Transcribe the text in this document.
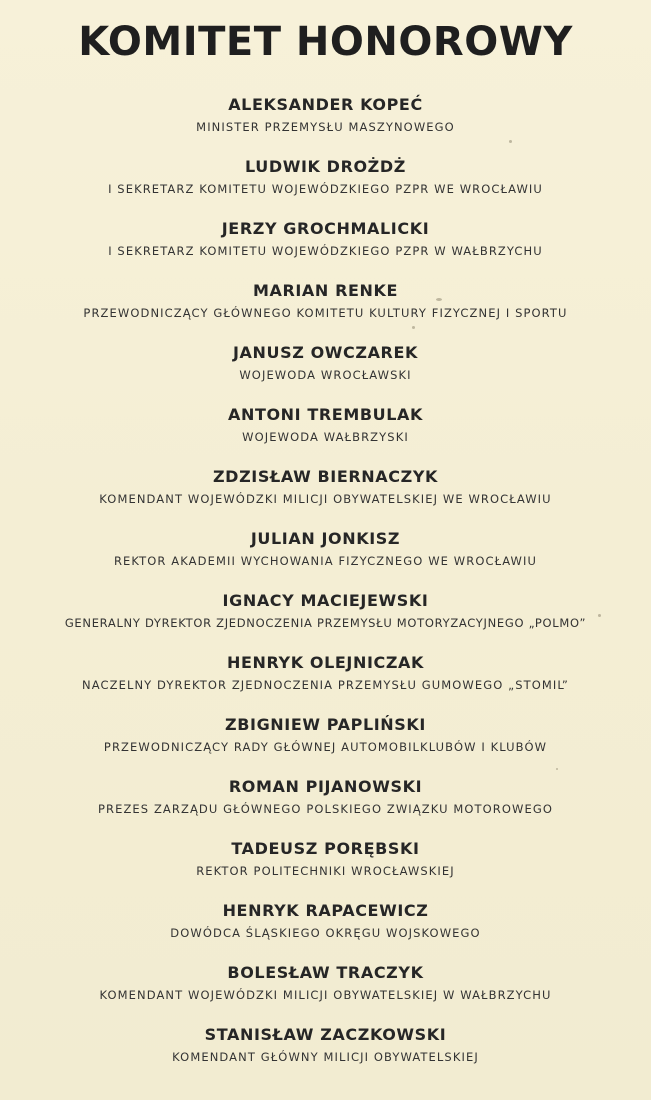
KOMITET HONOROWY
ALEKSANDER KOPEĆ
MINISTER PRZEMYSŁU MASZYNOWEGO
LUDWIK DROŻDŻ
I SEKRETARZ KOMITETU WOJEWÓDZKIEGO PZPR WE WROCŁAWIU
JERZY GROCHMALICKI
I SEKRETARZ KOMITETU WOJEWÓDZKIEGO PZPR W WAŁBRZYCHU
MARIAN RENKE
PRZEWODNICZĄCY GŁÓWNEGO KOMITETU KULTURY FIZYCZNEJ I SPORTU
JANUSZ OWCZAREK
WOJEWODA WROCŁAWSKI
ANTONI TREMBULAK
WOJEWODA WAŁBRZYSKI
ZDZISŁAW BIERNACZYK
KOMENDANT WOJEWÓDZKI MILICJI OBYWATELSKIEJ WE WROCŁAWIU
JULIAN JONKISZ
REKTOR AKADEMII WYCHOWANIA FIZYCZNEGO WE WROCŁAWIU
IGNACY MACIEJEWSKI
GENERALNY DYREKTOR ZJEDNOCZENIA PRZEMYSŁU MOTORYZACYJNEGO „POLMO”
HENRYK OLEJNICZAK
NACZELNY DYREKTOR ZJEDNOCZENIA PRZEMYSŁU GUMOWEGO „STOMIL”
ZBIGNIEW PAPLIŃSKI
PRZEWODNICZĄCY RADY GŁÓWNEJ AUTOMOBILKLUBÓW I KLUBÓW
ROMAN PIJANOWSKI
PREZES ZARZĄDU GŁÓWNEGO POLSKIEGO ZWIĄZKU MOTOROWEGO
TADEUSZ PORĘBSKI
REKTOR POLITECHNIKI WROCŁAWSKIEJ
HENRYK RAPACEWICZ
DOWÓDCA ŚLĄSKIEGO OKRĘGU WOJSKOWEGO
BOLESŁAW TRACZYK
KOMENDANT WOJEWÓDZKI MILICJI OBYWATELSKIEJ W WAŁBRZYCHU
STANISŁAW ZACZKOWSKI
KOMENDANT GŁÓWNY MILICJI OBYWATELSKIEJ
